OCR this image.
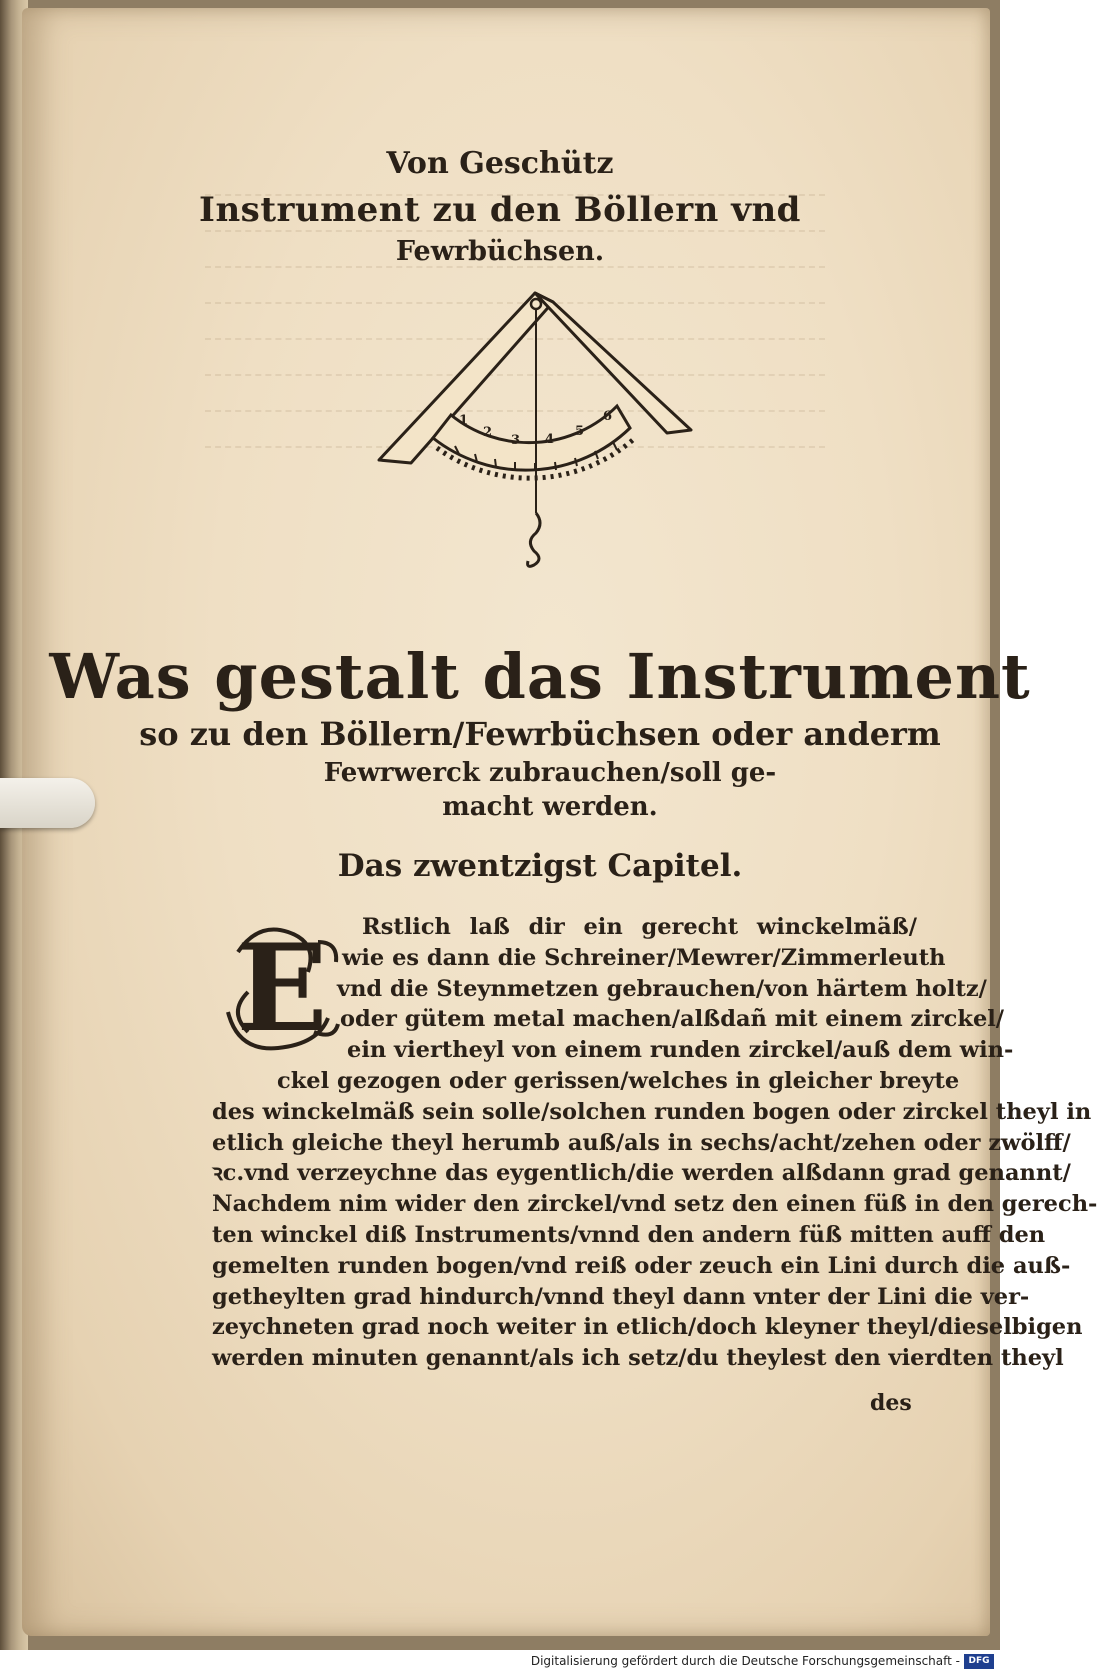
Von Geschütz
Instrument zu den Böllern vnd
Fewrbüchsen.
1
2
3 4
5
6
Was gestalt das Instrument
so zu den Böllern/Fewrbüchsen oder anderm
Fewrwerck zubrauchen/soll ge-
macht werden.
Das zwentzigst Capitel.
E	Rstlich laß dir ein gerecht winckelmäß/
wie es dann die Schreiner/Mewrer/Zimmerleuth
vnd die Steynmetzen gebrauchen/von härtem holtz/
oder gütem metal machen/alßdañ mit einem zirckel/
ein viertheyl von einem runden zirckel/auß dem win-
ckel gezogen oder gerissen/welches in gleicher breyte
des winckelmäß sein solle/solchen runden bogen oder zirckel theyl in
etlich gleiche theyl herumb auß/als in sechs/acht/zehen oder zwölff/
ꝛc.vnd verzeychne das eygentlich/die werden alßdann grad genannt/
Nachdem nim wider den zirckel/vnd setz den einen füß in den gerech-
ten winckel diß Instruments/vnnd den andern füß mitten auff den
gemelten runden bogen/vnd reiß oder zeuch ein Lini durch die auß-
getheylten grad hindurch/vnnd theyl dann vnter der Lini die ver-
zeychneten grad noch weiter in etlich/doch kleyner theyl/dieselbigen
werden minuten genannt/als ich setz/du theylest den vierdten theyl
des
Digitalisierung gefördert durch die Deutsche Forschungsgemeinschaft - DFG
